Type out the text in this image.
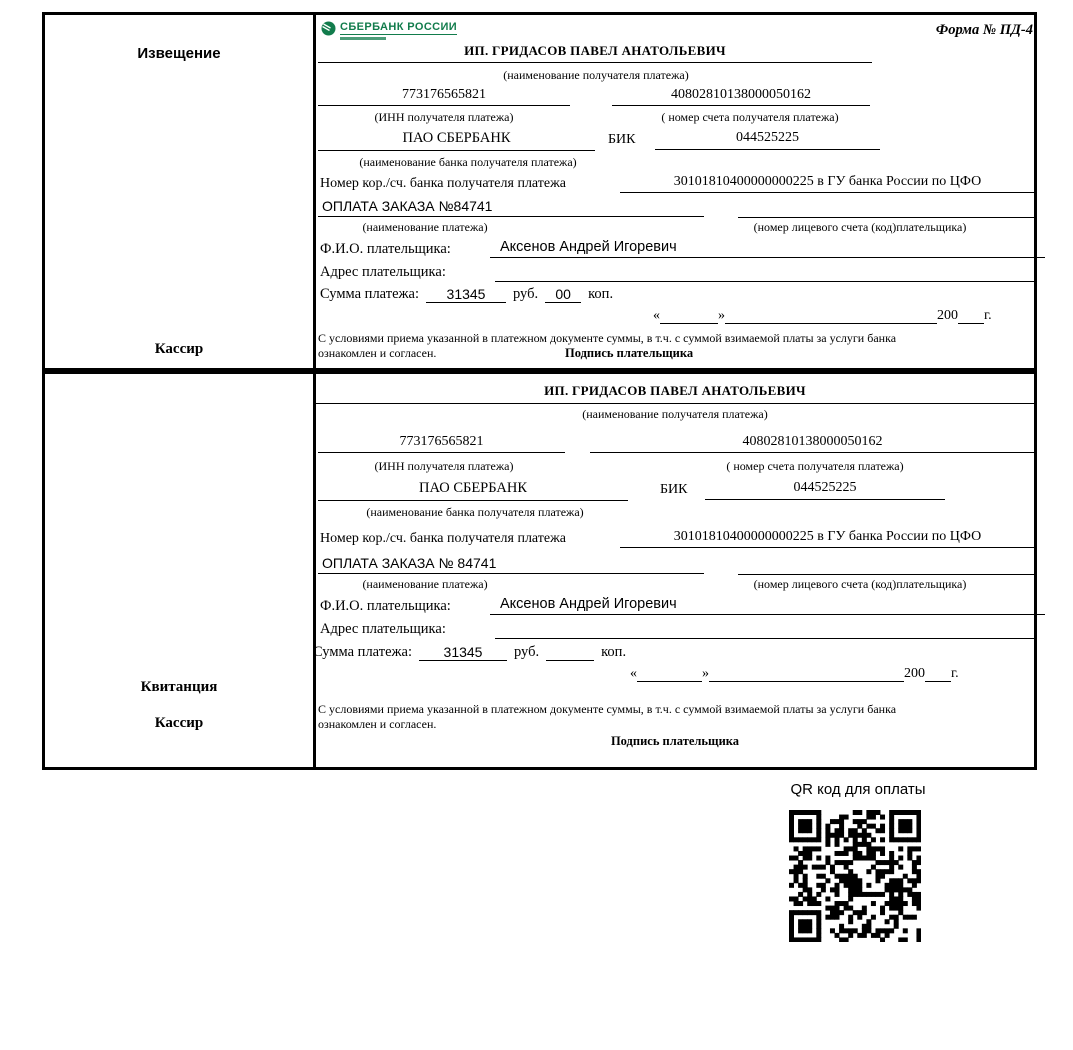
Извещение
Кассир
СБЕРБАНК РОССИИ	Форма № ПД-4
ИП. ГРИДАСОВ ПАВЕЛ АНАТОЛЬЕВИЧ
(наименование получателя платежа)
773176565821	40802810138000050162
(ИНН получателя платежа)	( номер счета получателя платежа)
ПАО СБЕРБАНК	БИК	044525225
(наименование банка получателя платежа)
Номер кор./сч. банка получателя платежа	30101810400000000225 в ГУ банка России по ЦФО
ОПЛАТА ЗАКАЗА №84741
(наименование платежа)	(номер лицевого счета (код)плательщика)
Ф.И.О. плательщика:	Аксенов Андрей Игоревич
Адрес плательщика:
Сумма платежа:	31345	руб.	00	коп.
«	»	200 г.
С условиями приема указанной в платежном документе суммы, в т.ч. с суммой взимаемой платы за услуги банка
ознакомлен и согласен.	Подпись плательщика
Квитанция
Кассир
ИП. ГРИДАСОВ ПАВЕЛ АНАТОЛЬЕВИЧ
(наименование получателя платежа)
773176565821	40802810138000050162
(ИНН получателя платежа)	( номер счета получателя платежа)
ПАО СБЕРБАНК	БИК	044525225
(наименование банка получателя платежа)
Номер кор./сч. банка получателя платежа	30101810400000000225 в ГУ банка России по ЦФО
ОПЛАТА ЗАКАЗА № 84741
(наименование платежа)	(номер лицевого счета (код)плательщика)
Ф.И.О. плательщика:	Аксенов Андрей Игоревич
Адрес плательщика:
Сумма платежа:	31345	руб.	коп.
«	»	200 г.
С условиями приема указанной в платежном документе суммы, в т.ч. с суммой взимаемой платы за услуги банка
ознакомлен и согласен.
Подпись плательщика
QR код для оплаты
